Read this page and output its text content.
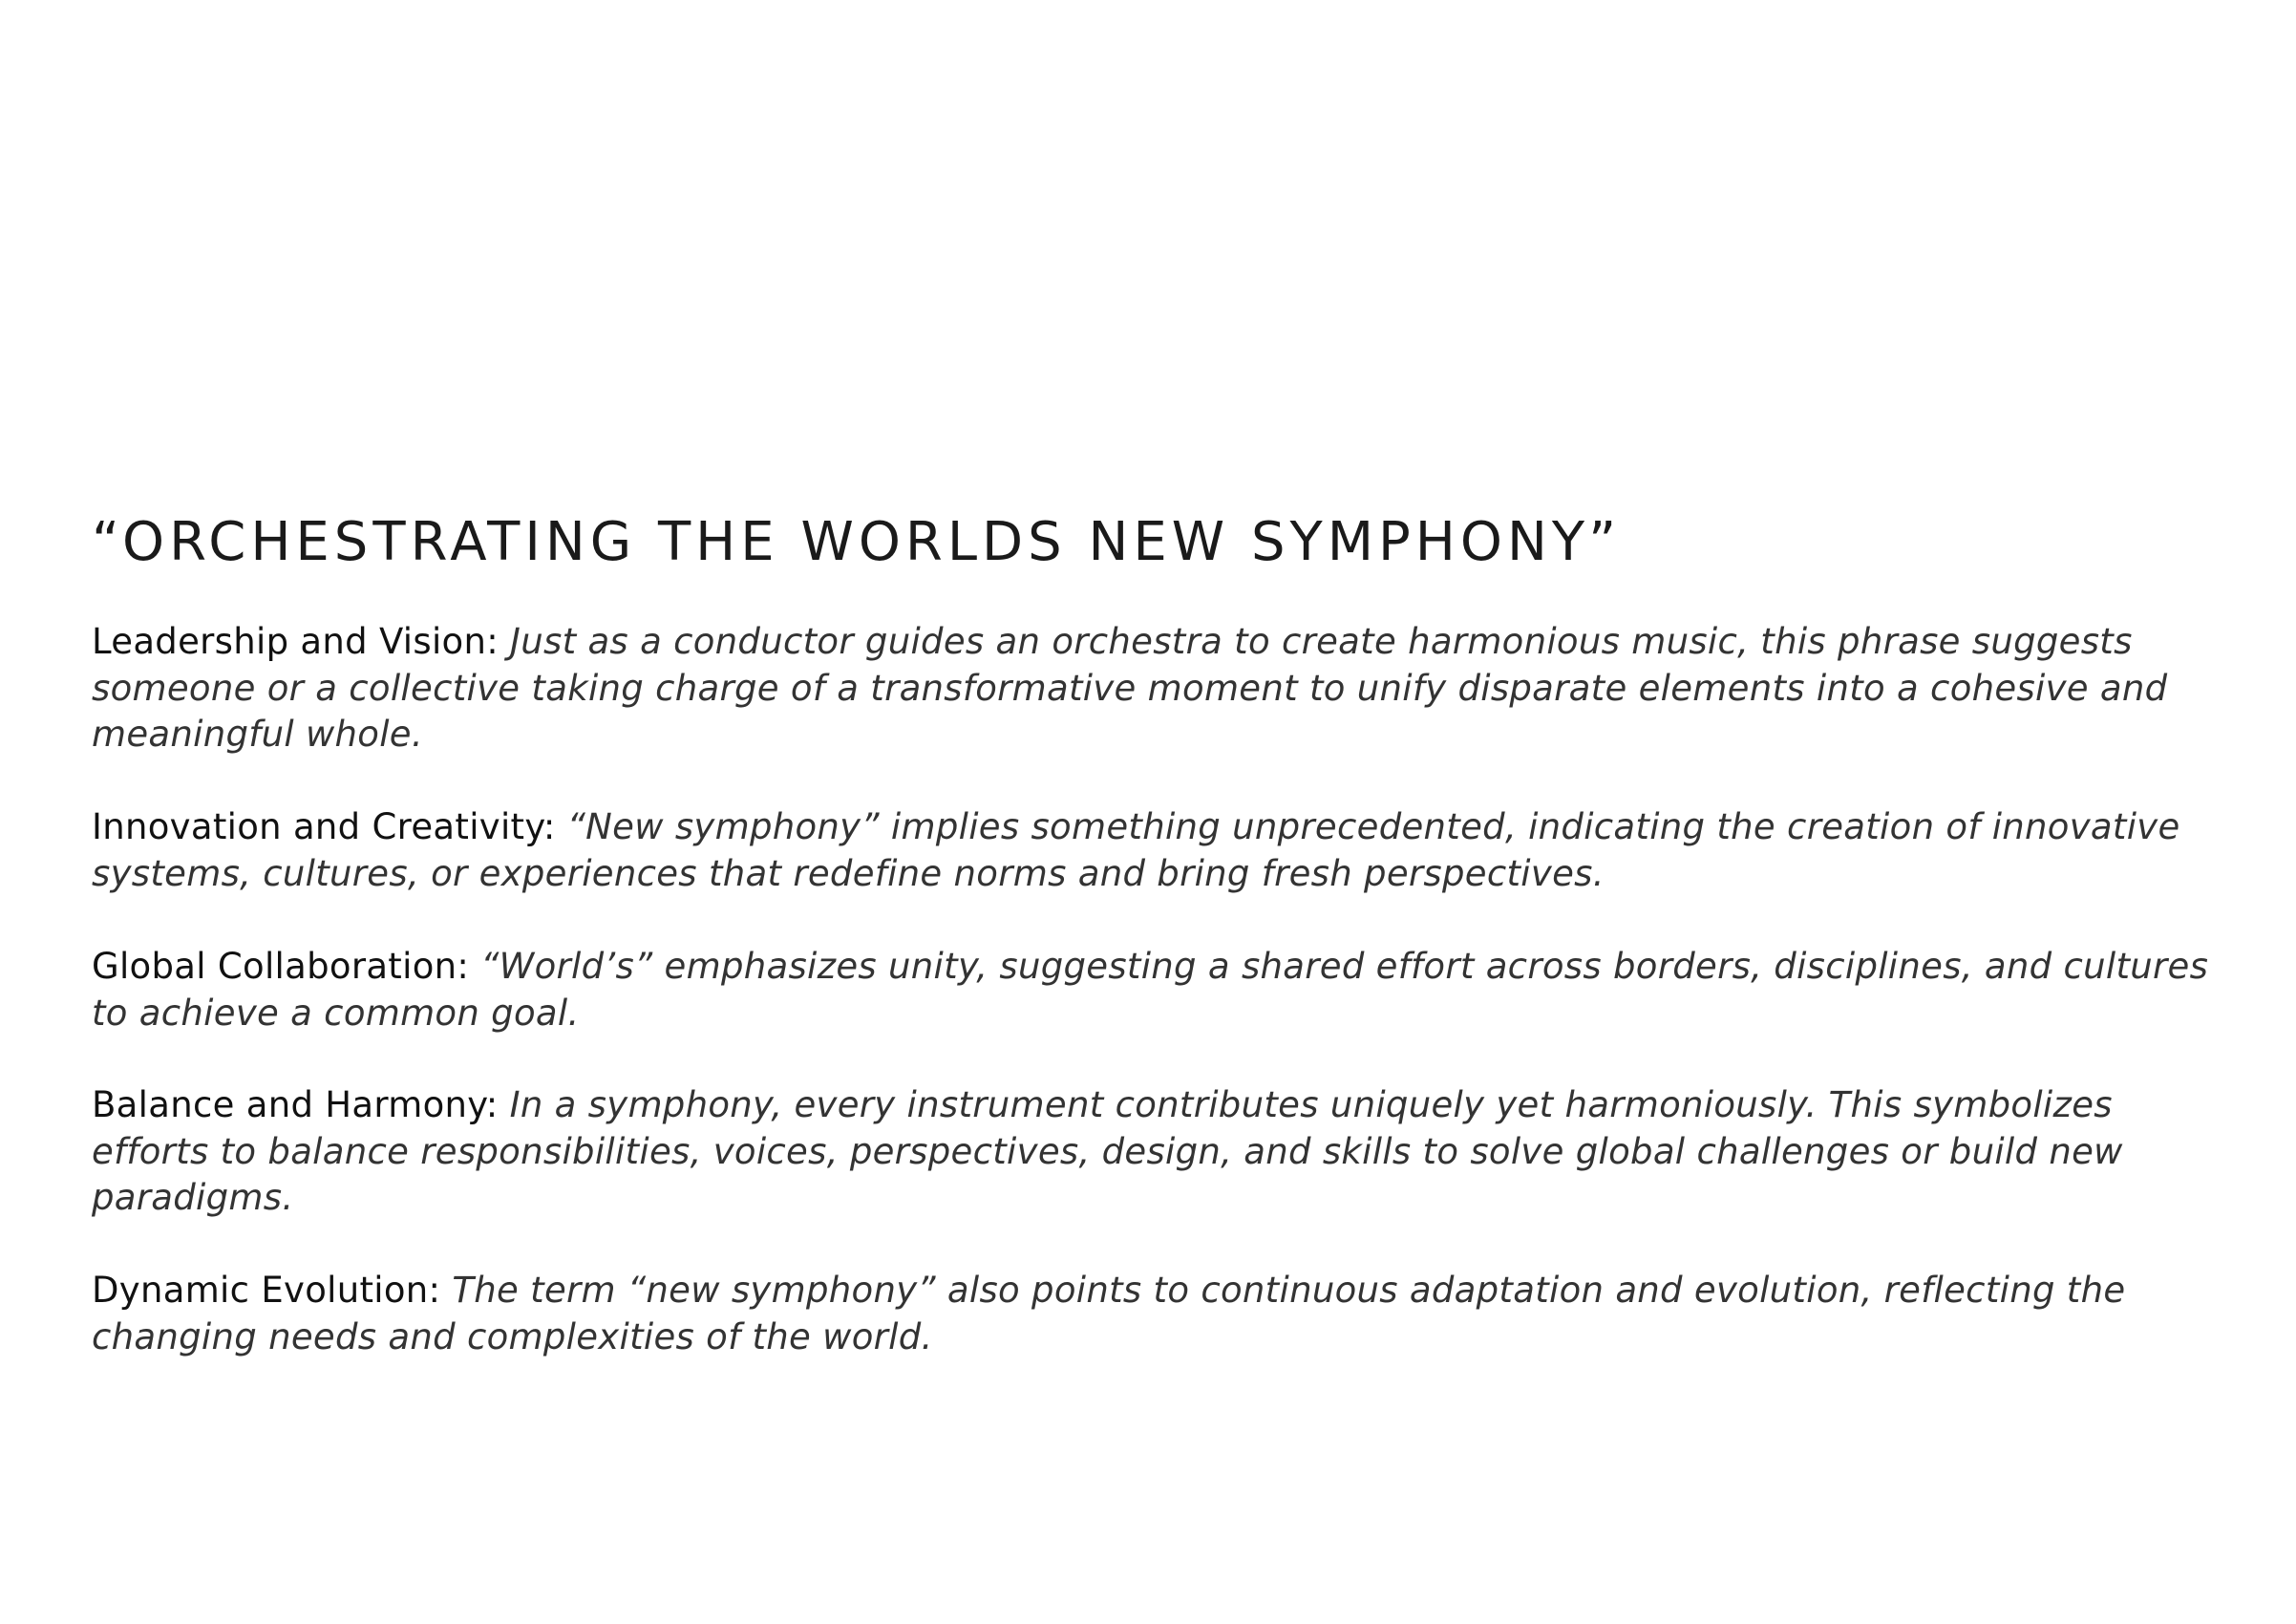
“ORCHESTRATING THE WORLDS NEW SYMPHONY”

Leadership and Vision: Just as a conductor guides an orchestra to create harmonious music, this phrase suggests someone or a collective taking charge of a transformative moment to unify disparate elements into a cohesive and meaningful whole.

Innovation and Creativity: “New symphony” implies something unprecedented, indicating the creation of innovative systems, cultures, or experiences that redefine norms and bring fresh perspectives.

Global Collaboration: “World’s” emphasizes unity, suggesting a shared effort across borders, disciplines, and cultures to achieve a common goal.

Balance and Harmony: In a symphony, every instrument contributes uniquely yet harmoniously. This symbolizes efforts to balance responsibilities, voices, perspectives, design, and skills to solve global challenges or build new paradigms.

Dynamic Evolution: The term “new symphony” also points to continuous adaptation and evolution, reflecting the changing needs and complexities of the world.
